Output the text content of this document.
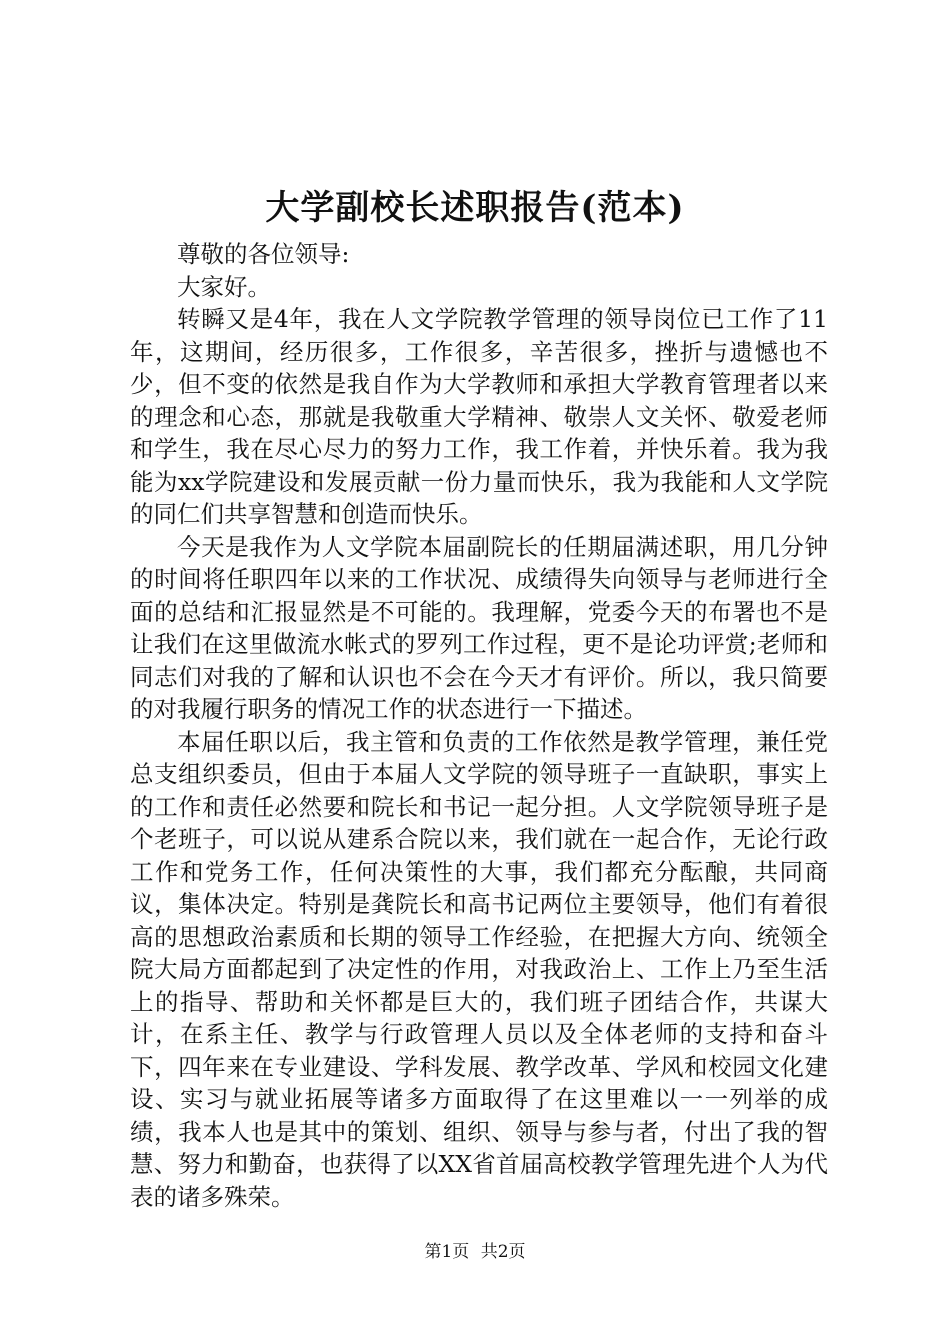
大学副校长述职报告(范本)

尊敬的各位领导:

大家好。

转瞬又是4年，我在人文学院教学管理的领导岗位已工作了11年，这期间，经历很多，工作很多，辛苦很多，挫折与遗憾也不少，但不变的依然是我自作为大学教师和承担大学教育管理者以来的理念和心态，那就是我敬重大学精神、敬崇人文关怀、敬爱老师和学生，我在尽心尽力的努力工作，我工作着，并快乐着。我为我能为xx学院建设和发展贡献一份力量而快乐，我为我能和人文学院的同仁们共享智慧和创造而快乐。

今天是我作为人文学院本届副院长的任期届满述职，用几分钟的时间将任职四年以来的工作状况、成绩得失向领导与老师进行全面的总结和汇报显然是不可能的。我理解，党委今天的布署也不是让我们在这里做流水帐式的罗列工作过程，更不是论功评赏;老师和同志们对我的了解和认识也不会在今天才有评价。所以，我只简要的对我履行职务的情况工作的状态进行一下描述。

本届任职以后，我主管和负责的工作依然是教学管理，兼任党总支组织委员，但由于本届人文学院的领导班子一直缺职，事实上的工作和责任必然要和院长和书记一起分担。人文学院领导班子是个老班子，可以说从建系合院以来，我们就在一起合作，无论行政工作和党务工作，任何决策性的大事，我们都充分酝酿，共同商议，集体决定。特别是龚院长和高书记两位主要领导，他们有着很高的思想政治素质和长期的领导工作经验，在把握大方向、统领全院大局方面都起到了决定性的作用，对我政治上、工作上乃至生活上的指导、帮助和关怀都是巨大的，我们班子团结合作，共谋大计，在系主任、教学与行政管理人员以及全体老师的支持和奋斗下，四年来在专业建设、学科发展、教学改革、学风和校园文化建设、实习与就业拓展等诸多方面取得了在这里难以一一列举的成绩，我本人也是其中的策划、组织、领导与参与者，付出了我的智慧、努力和勤奋，也获得了以XX省首届高校教学管理先进个人为代表的诸多殊荣。

第1页 共2页
